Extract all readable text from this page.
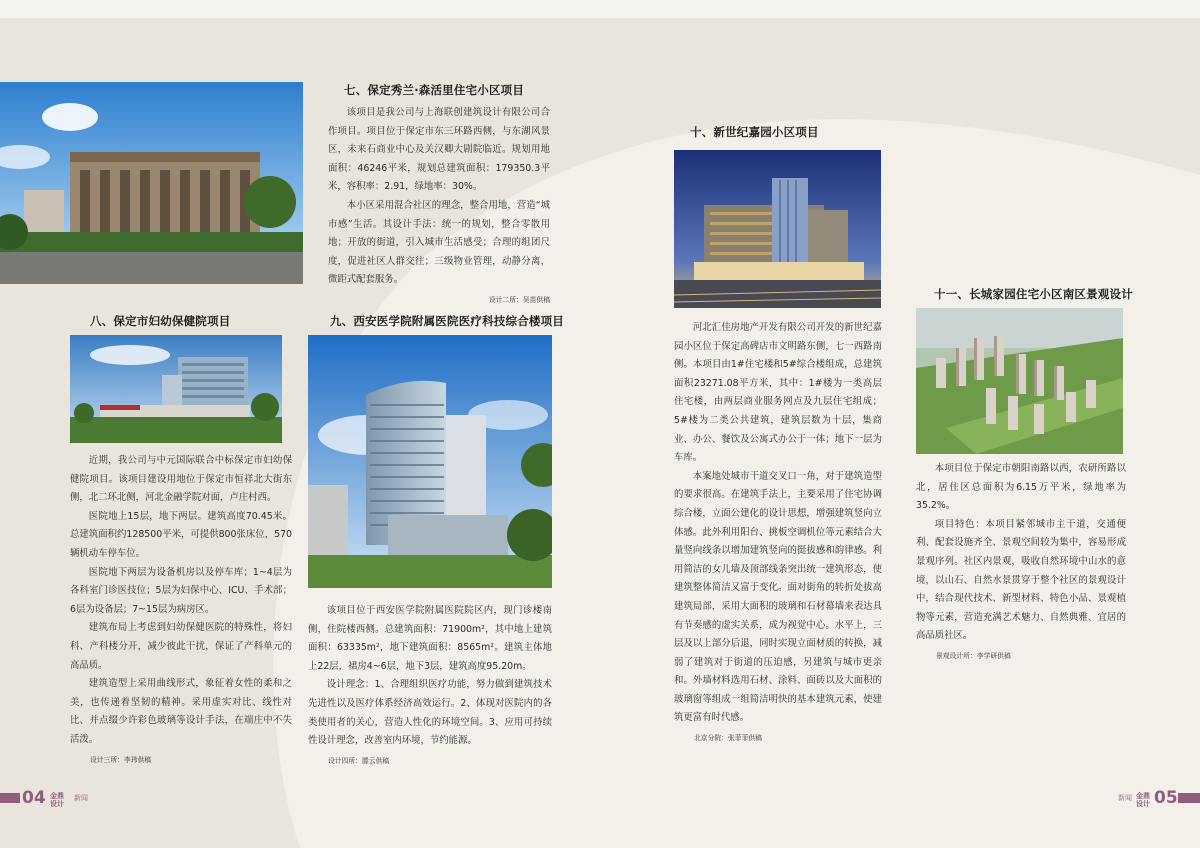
七、保定秀兰·森活里住宅小区项目

该项目是我公司与上海联创建筑设计有限公司合作项目。项目位于保定市东三环路西侧，与东湖风景区，未来石商业中心及关汉卿大剧院临近。规划用地面积：46246平米，规划总建筑面积：179350.3平米，容积率：2.91，绿地率：30%。

本小区采用混合社区的理念，整合用地，营造“城市感”生活。其设计手法：统一的规划，整合零散用地；开放的街道，引入城市生活感受；合理的组团尺度，促进社区人群交往；三级物业管理，动静分离，微距式配套服务。

设计二所：吴苗供稿
八、保定市妇幼保健院项目

近期，我公司与中元国际联合中标保定市妇幼保健院项目。该项目建设用地位于保定市恒祥北大街东侧，北二环北侧，河北金融学院对面，卢庄村西。

医院地上15层，地下两层。建筑高度70.45米。总建筑面积约128500平米，可提供800张床位，570辆机动车停车位。

医院地下两层为设备机房以及停车库；1~4层为各科室门诊医技位；5层为妇保中心、ICU、手术部；6层为设备层；7~15层为病房区。

建筑布局上考虑到妇幼保健医院的特殊性，将妇科、产科楼分开，减少彼此干扰，保证了产科单元的高品质。

建筑造型上采用曲线形式，象征着女性的柔和之美，也传递着坚韧的精神。采用虚实对比、线性对比、并点缀少许彩色玻璃等设计手法，在端庄中不失活泼。

设计三所：李玮供稿
九、西安医学院附属医院医疗科技综合楼项目

该项目位于西安医学院附属医院院区内，现门诊楼南侧，住院楼西侧。总建筑面积：71900m²，其中地上建筑面积：63335m²，地下建筑面积：8565m²。建筑主体地上22层，裙房4~6层，地下3层，建筑高度95.20m。

设计理念：1、合理组织医疗功能，努力做到建筑技术先进性以及医疗体系经济高效运行。2、体现对医院内的各类使用者的关心，营造人性化的环境空间。3、应用可持续性设计理念，改善室内环境，节约能源。

设计四所：滕云供稿
十、新世纪嘉园小区项目

河北汇佳房地产开发有限公司开发的新世纪嘉园小区位于保定高碑店市文明路东侧，七一西路南侧。本项目由1#住宅楼和5#综合楼组成，总建筑面积23271.08平方米，其中：1#楼为一类高层住宅楼，由两层商业服务网点及九层住宅组成；5#楼为二类公共建筑，建筑层数为十层，集商业、办公、餐饮及公寓式办公于一体；地下一层为车库。

本案地处城市干道交叉口一角，对于建筑造型的要求很高。在建筑手法上，主要采用了住宅协调综合楼，立面公建化的设计思想，增强建筑竖向立体感。此外利用阳台、挑板空调机位等元素结合大量竖向线条以增加建筑竖向的挺拔感和韵律感。利用简洁的女儿墙及顶部线条突出统一建筑形态，使建筑整体简洁又富于变化。面对街角的转折处拔高建筑局部，采用大面积的玻璃和石材幕墙来表达具有节奏感的虚实关系，成为视觉中心。水平上，三层及以上部分后退，同时实现立面材质的转换，减弱了建筑对于街道的压迫感，另建筑与城市更亲和。外墙材料选用石材、涂料、面砖以及大面积的玻璃窗等组成一组简洁明快的基本建筑元素，使建筑更富有时代感。

北京分院：张菲菲供稿
十一、长城家园住宅小区南区景观设计

本项目位于保定市朝阳南路以西，农研所路以北，居住区总面积为6.15万平米，绿地率为35.2%。

项目特色：本项目紧邻城市主干道，交通便利、配套设施齐全、景观空间较为集中，容易形成景观序列。社区内景观，吸收自然环境中山水的意境，以山石、自然水景贯穿于整个社区的景观设计中，结合现代技术、新型材料、特色小品、景观植物等元素，营造充满艺术魅力、自然典雅、宜居的高品质社区。

景观设计所：李学研供稿
04 金鼎设计
新闻	新闻 金鼎设计 05
